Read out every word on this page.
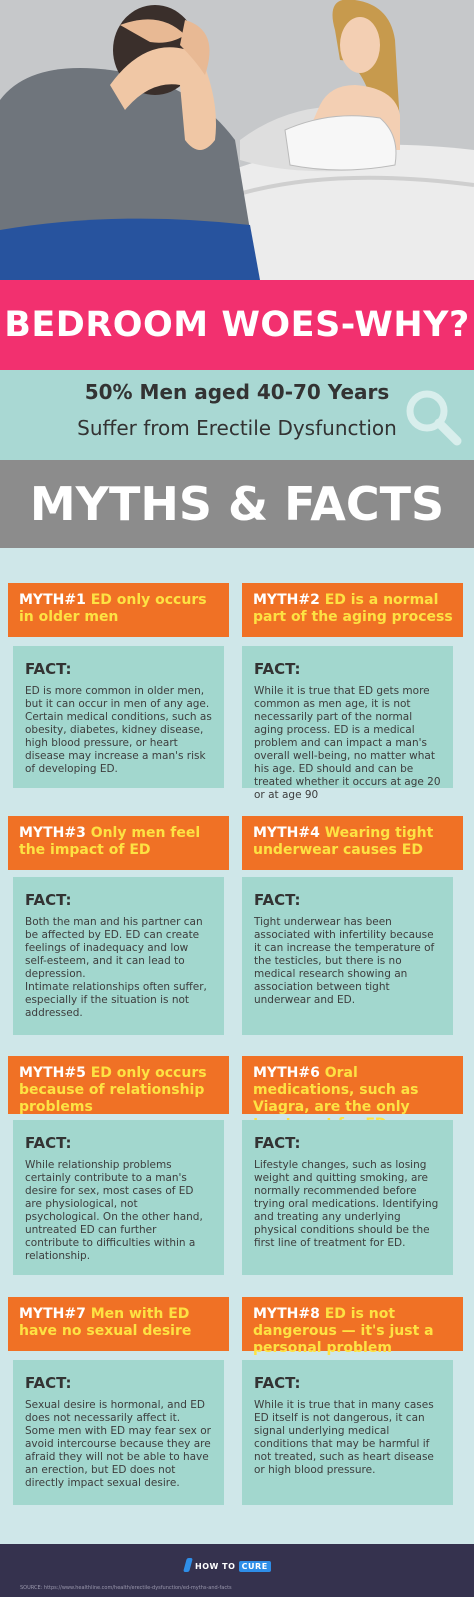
BEDROOM WOES-WHY?
50% Men aged 40-70 Years
Suffer from Erectile Dysfunction
MYTHS & FACTS
MYTH#1 ED only occurs in older men
MYTH#2 ED is a normal part of the aging process
FACT:
ED is more common in older men, but it can occur in men of any age. Certain medical conditions, such as obesity, diabetes, kidney disease, high blood pressure, or heart disease may increase a man's risk of developing ED.
FACT:
While it is true that ED gets more common as men age, it is not necessarily part of the normal aging process. ED is a medical problem and can impact a man's overall well-being, no matter what his age. ED should and can be treated whether it occurs at age 20 or at age 90
MYTH#3 Only men feel the impact of ED
MYTH#4 Wearing tight underwear causes ED
FACT:
Both the man and his partner can be affected by ED. ED can create feelings of inadequacy and low self-esteem, and it can lead to depression.
Intimate relationships often suffer, especially if the situation is not addressed.
FACT:
Tight underwear has been associated with infertility because it can increase the temperature of the testicles, but there is no medical research showing an association between tight underwear and ED.
MYTH#5 ED only occurs because of relationship problems
MYTH#6 Oral medications, such as Viagra, are the only
FACT:
While relationship problems certainly contribute to a man's desire for sex, most cases of ED are physiological, not psychological. On the other hand, untreated ED can further contribute to difficulties within a relationship.
FACT:
Lifestyle changes, such as losing weight and quitting smoking, are normally recommended before trying oral medications. Identifying and treating any underlying physical conditions should be the first line of treatment for ED.
MYTH#7 Men with ED have no sexual desire
MYTH#8 ED is not dangerous — it's just a personal problem
FACT:
Sexual desire is hormonal, and ED does not necessarily affect it. Some men with ED may fear sex or avoid intercourse because they are afraid they will not be able to have an erection, but ED does not directly impact sexual desire.
FACT:
While it is true that in many cases ED itself is not dangerous, it can signal underlying medical conditions that may be harmful if not treated, such as heart disease or high blood pressure.
HOW TO CURE
SOURCE: https://www.healthline.com/health/erectile-dysfunction/ed-myths-and-facts
